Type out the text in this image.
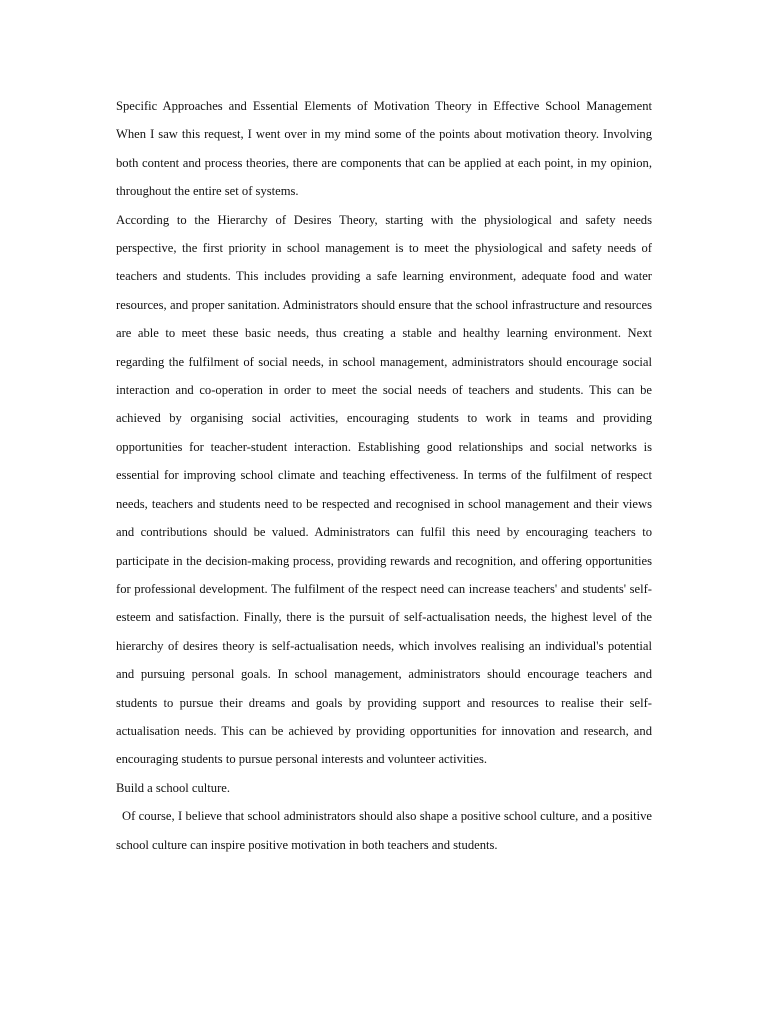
Specific Approaches and Essential Elements of Motivation Theory in Effective School Management When I saw this request, I went over in my mind some of the points about motivation theory. Involving both content and process theories, there are components that can be applied at each point, in my opinion, throughout the entire set of systems.

According to the Hierarchy of Desires Theory, starting with the physiological and safety needs perspective, the first priority in school management is to meet the physiological and safety needs of teachers and students. This includes providing a safe learning environment, adequate food and water resources, and proper sanitation. Administrators should ensure that the school infrastructure and resources are able to meet these basic needs, thus creating a stable and healthy learning environment. Next regarding the fulfilment of social needs, in school management, administrators should encourage social interaction and co-operation in order to meet the social needs of teachers and students. This can be achieved by organising social activities, encouraging students to work in teams and providing opportunities for teacher-student interaction. Establishing good relationships and social networks is essential for improving school climate and teaching effectiveness. In terms of the fulfilment of respect needs, teachers and students need to be respected and recognised in school management and their views and contributions should be valued. Administrators can fulfil this need by encouraging teachers to participate in the decision-making process, providing rewards and recognition, and offering opportunities for professional development. The fulfilment of the respect need can increase teachers' and students' self-esteem and satisfaction. Finally, there is the pursuit of self-actualisation needs, the highest level of the hierarchy of desires theory is self-actualisation needs, which involves realising an individual's potential and pursuing personal goals. In school management, administrators should encourage teachers and students to pursue their dreams and goals by providing support and resources to realise their self-actualisation needs. This can be achieved by providing opportunities for innovation and research, and encouraging students to pursue personal interests and volunteer activities.

Build a school culture.

Of course, I believe that school administrators should also shape a positive school culture, and a positive school culture can inspire positive motivation in both teachers and students.
